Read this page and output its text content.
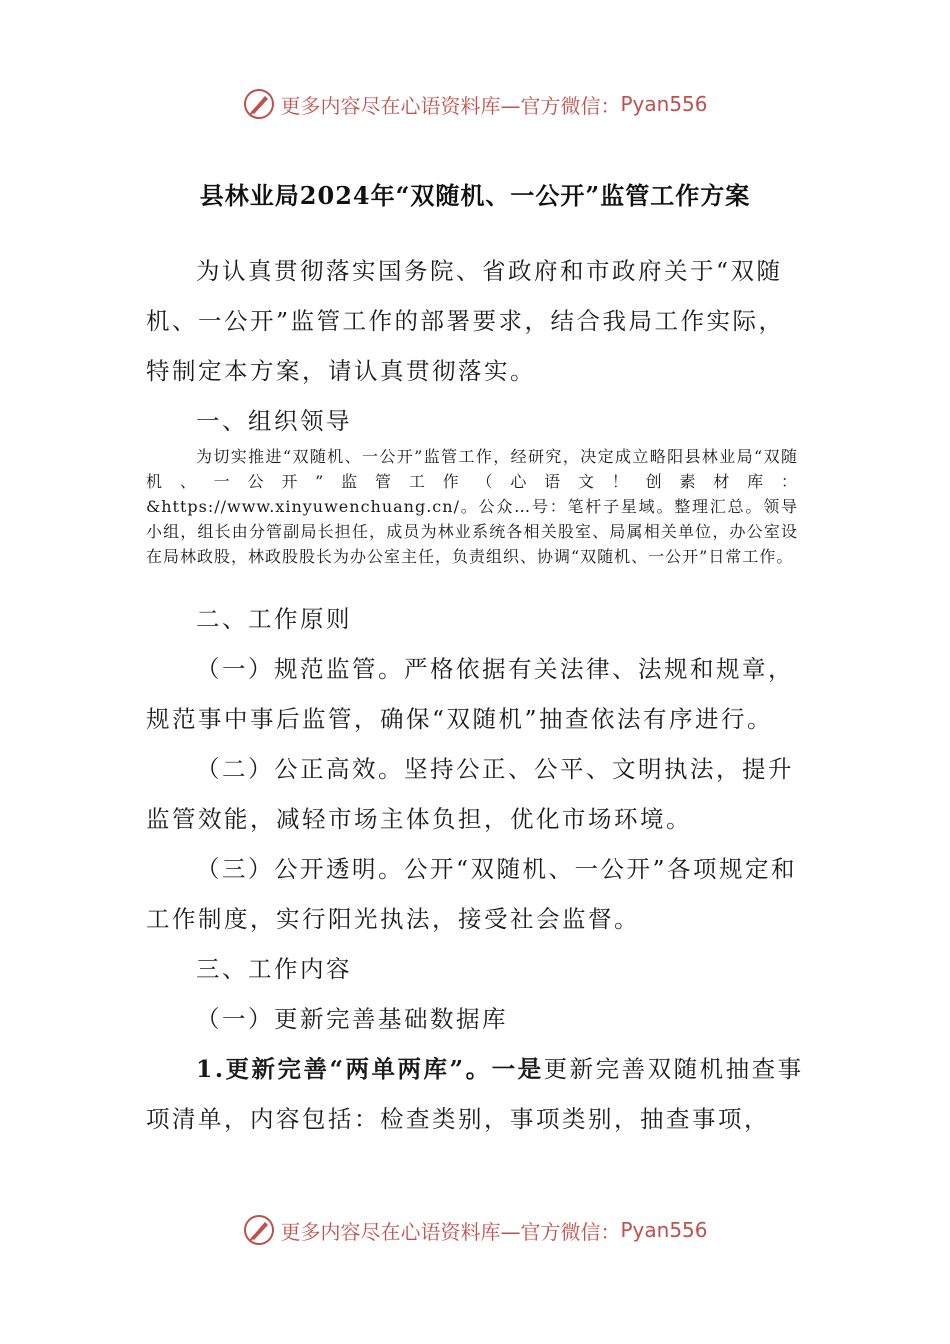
更多内容尽在心语资料库—官方微信： Pyan556
县林业局2024年“双随机、一公开”监管工作方案

为认真贯彻落实国务院、省政府和市政府关于“双随机、一公开”监管工作的部署要求，结合我局工作实际，特制定本方案，请认真贯彻落实。

一、组织领导

为切实推进“双随机、一公开”监管工作，经研究，决定成立略阳县林业局“双随机、一公开”监管工作（心语文！创素材库：&https://www.xinyuwenchuang.cn/。公众…号：笔杆子星域。整理汇总。领导小组，组长由分管副局长担任，成员为林业系统各相关股室、局属相关单位，办公室设在局林政股，林政股股长为办公室主任，负责组织、协调“双随机、一公开”日常工作。

二、工作原则

（一）规范监管。严格依据有关法律、法规和规章，规范事中事后监管，确保“双随机”抽查依法有序进行。

（二）公正高效。坚持公正、公平、文明执法，提升监管效能，减轻市场主体负担，优化市场环境。

（三）公开透明。公开“双随机、一公开”各项规定和工作制度，实行阳光执法，接受社会监督。

三、工作内容

（一）更新完善基础数据库

1.更新完善“两单两库”。一是更新完善双随机抽查事项清单，内容包括：检查类别，事项类别，抽查事项，

更多内容尽在心语资料库—官方微信： Pyan556
